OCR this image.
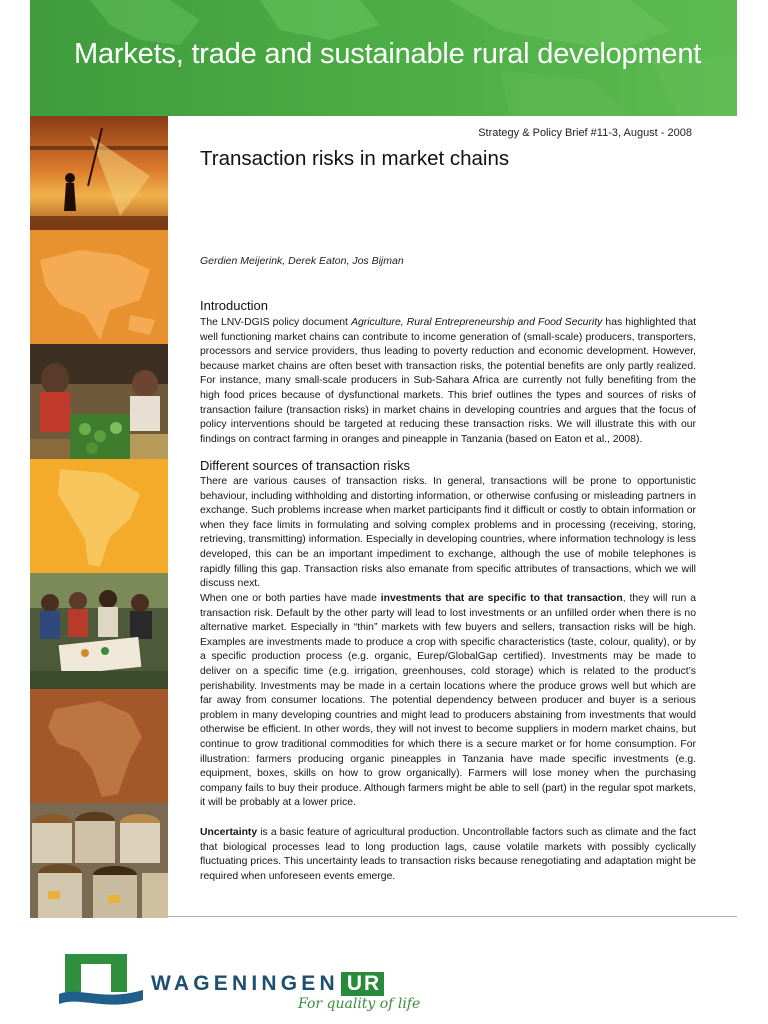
Markets, trade and sustainable rural development
Strategy & Policy Brief #11-3, August - 2008
Transaction risks in market chains
Gerdien Meijerink, Derek Eaton, Jos Bijman
Introduction

The LNV-DGIS policy document Agriculture, Rural Entrepreneurship and Food Security has highlighted that well functioning market chains can contribute to income generation of (small-scale) producers, transporters, processors and service providers, thus leading to poverty reduction and economic development. However, because market chains are often beset with transaction risks, the potential benefits are only partly realized. For instance, many small-scale producers in Sub-Sahara Africa are currently not fully benefiting from the high food prices because of dysfunctional markets. This brief outlines the types and sources of risks of transaction failure (transaction risks) in market chains in developing countries and argues that the focus of policy interventions should be targeted at reducing these transaction risks. We will illustrate this with our findings on contract farming in oranges and pineapple in Tanzania (based on Eaton et al., 2008).

Different sources of transaction risks

There are various causes of transaction risks. In general, transactions will be prone to opportunistic behaviour, including withholding and distorting information, or otherwise confusing or misleading partners in exchange. Such problems increase when market participants find it difficult or costly to obtain information or when they face limits in formulating and solving complex problems and in processing (receiving, storing, retrieving, transmitting) information. Especially in developing countries, where information technology is less developed, this can be an important impediment to exchange, although the use of mobile telephones is rapidly filling this gap. Transaction risks also emanate from specific attributes of transactions, which we will discuss next.

When one or both parties have made investments that are specific to that transaction, they will run a transaction risk. Default by the other party will lead to lost investments or an unfilled order when there is no alternative market. Especially in “thin” markets with few buyers and sellers, transaction risks will be high. Examples are investments made to produce a crop with specific characteristics (taste, colour, quality), or by a specific production process (e.g. organic, Eurep/GlobalGap certified). Investments may be made to deliver on a specific time (e.g. irrigation, greenhouses, cold storage) which is related to the product’s perishability. Investments may be made in a certain locations where the produce grows well but which are far away from consumer locations. The potential dependency between producer and buyer is a serious problem in many developing countries and might lead to producers abstaining from investments that would otherwise be efficient. In other words, they will not invest to become suppliers in modern market chains, but continue to grow traditional commodities for which there is a secure market or for home consumption. For illustration: farmers producing organic pineapples in Tanzania have made specific investments (e.g. equipment, boxes, skills on how to grow organically). Farmers will lose money when the purchasing company fails to buy their produce. Although farmers might be able to sell (part) in the regular spot markets, it will be probably at a lower price.

Uncertainty is a basic feature of agricultural production. Uncontrollable factors such as climate and the fact that biological processes lead to long production lags, cause volatile markets with possibly cyclically fluctuating prices. This uncertainty leads to transaction risks because renegotiating and adaptation might be required when unforeseen events emerge.

WAGENINGEN UR
For quality of life
